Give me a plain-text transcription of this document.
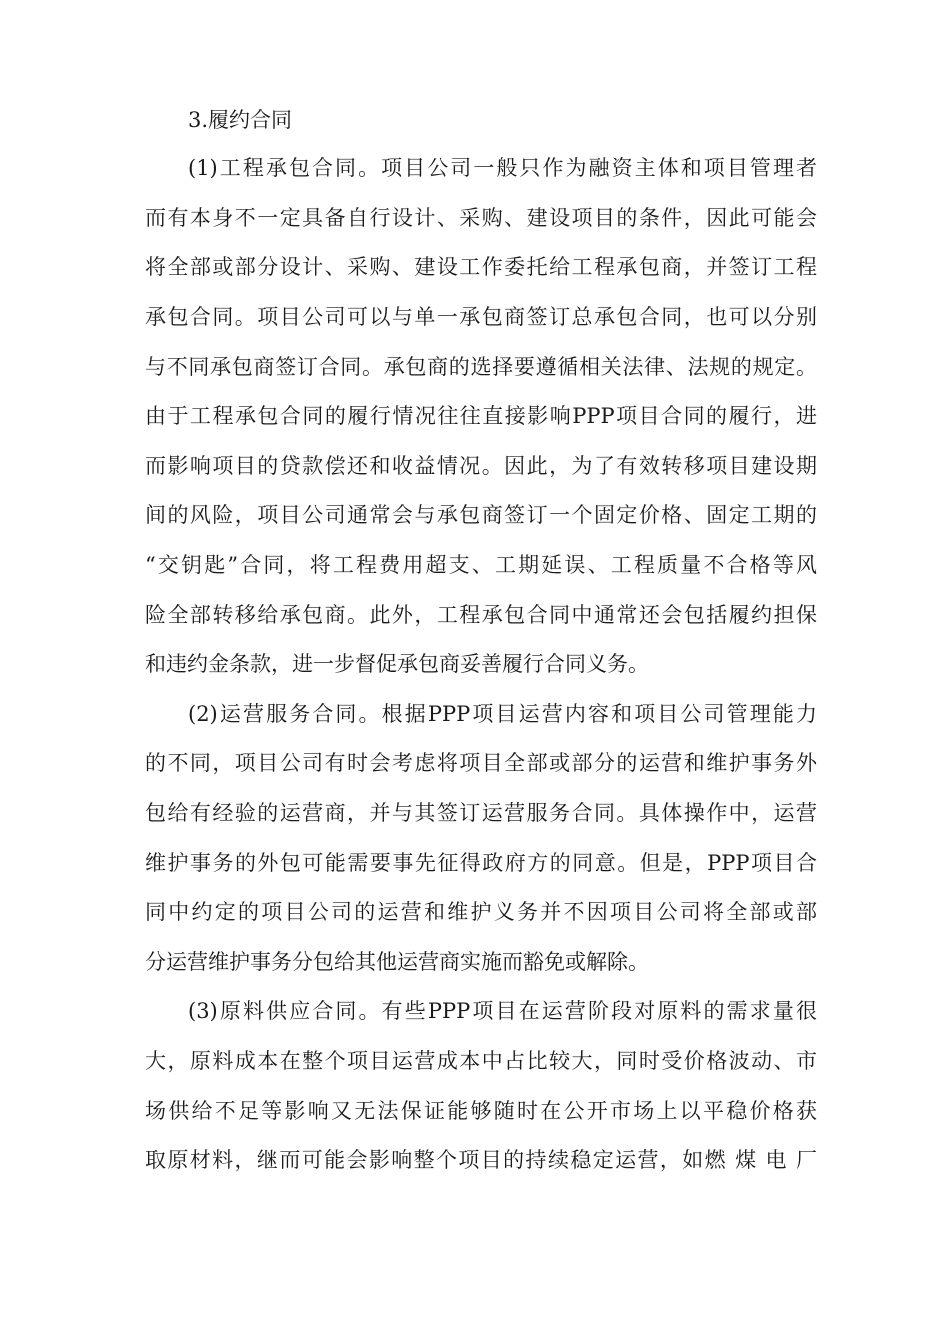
3.履约合同
(1)工程承包合同。项目公司一般只作为融资主体和项目管理者
而有本身不一定具备自行设计、采购、建设项目的条件，因此可能会
将全部或部分设计、采购、建设工作委托给工程承包商，并签订工程
承包合同。项目公司可以与单一承包商签订总承包合同，也可以分别
与不同承包商签订合同。承包商的选择要遵循相关法律、法规的规定。
由于工程承包合同的履行情况往往直接影响PPP项目合同的履行，进
而影响项目的贷款偿还和收益情况。因此，为了有效转移项目建设期
间的风险，项目公司通常会与承包商签订一个固定价格、固定工期的
“交钥匙”合同，将工程费用超支、工期延误、工程质量不合格等风
险全部转移给承包商。此外，工程承包合同中通常还会包括履约担保
和违约金条款，进一步督促承包商妥善履行合同义务。
(2)运营服务合同。根据PPP项目运营内容和项目公司管理能力
的不同，项目公司有时会考虑将项目全部或部分的运营和维护事务外
包给有经验的运营商，并与其签订运营服务合同。具体操作中，运营
维护事务的外包可能需要事先征得政府方的同意。但是，PPP项目合
同中约定的项目公司的运营和维护义务并不因项目公司将全部或部
分运营维护事务分包给其他运营商实施而豁免或解除。
(3)原料供应合同。有些PPP项目在运营阶段对原料的需求量很
大，原料成本在整个项目运营成本中占比较大，同时受价格波动、市
场供给不足等影响又无法保证能够随时在公开市场上以平稳价格获
取原材料，继而可能会影响整个项目的持续稳定运营，如燃 煤 电 厂
